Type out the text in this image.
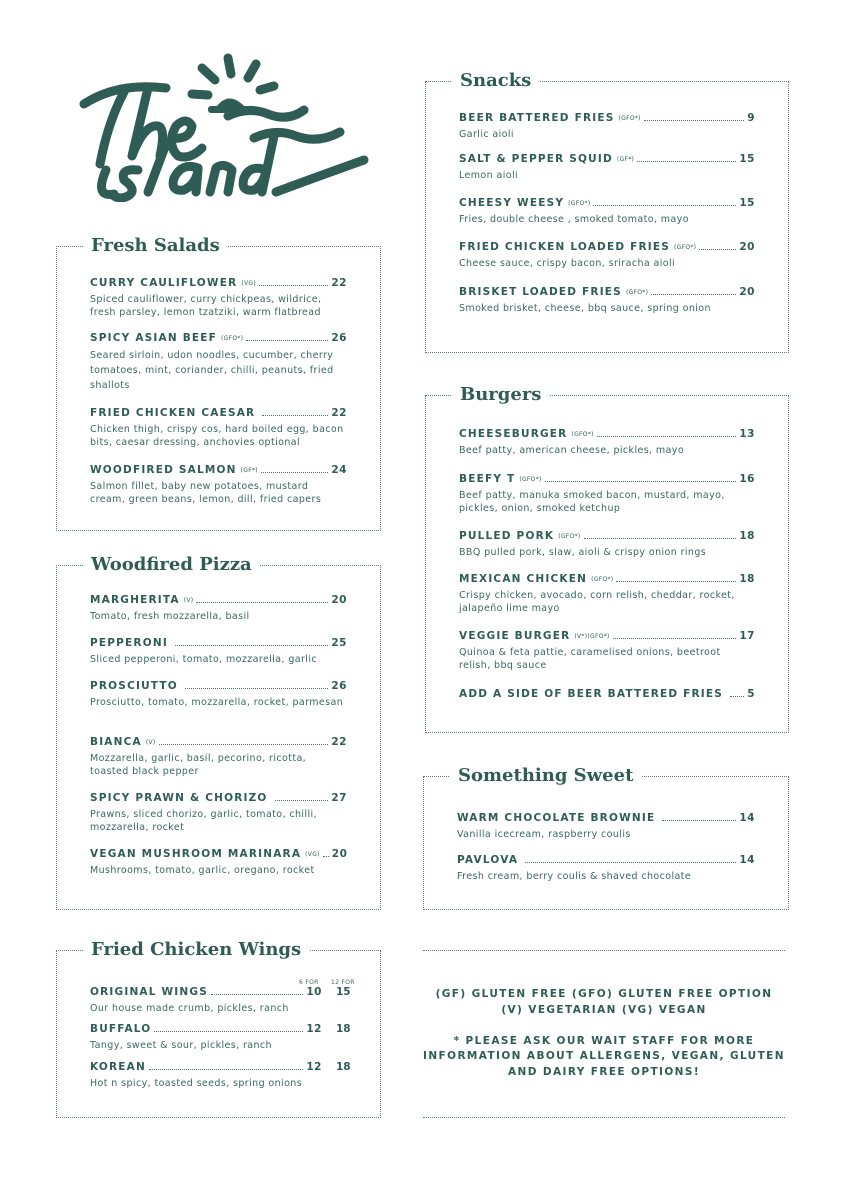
Fresh Salads
CURRY CAULIFLOWER (VG)	22
Spiced cauliflower, curry chickpeas, wildrice, fresh parsley, lemon tzatziki, warm flatbread
SPICY ASIAN BEEF (GFO*)	26
Seared sirloin, udon noodles, cucumber, cherry tomatoes, mint, coriander, chilli, peanuts, fried shallots
FRIED CHICKEN CAESAR	22
Chicken thigh, crispy cos, hard boiled egg, bacon bits, caesar dressing, anchovies optional
WOODFIRED SALMON (GF*)	24
Salmon fillet, baby new potatoes, mustard cream, green beans, lemon, dill, fried capers
Woodfired Pizza
MARGHERITA (V)	20
Tomato, fresh mozzarella, basil
PEPPERONI	25
Sliced pepperoni, tomato, mozzarella, garlic
PROSCIUTTO	26
Prosciutto, tomato, mozzarella, rocket, parmesan
BIANCA (V)	22
Mozzarella, garlic, basil, pecorino, ricotta, toasted black pepper
SPICY PRAWN & CHORIZO	27
Prawns, sliced chorizo, garlic, tomato, chilli, mozzarella, rocket
VEGAN MUSHROOM MARINARA (VG) 20
Mushrooms, tomato, garlic, oregano, rocket
Fried Chicken Wings
6 FOR 12 FOR
ORIGINAL WINGS	10 15
Our house made crumb, pickles, ranch
BUFFALO	12 18
Tangy, sweet & sour, pickles, ranch
KOREAN	12 18
Hot n spicy, toasted seeds, spring onions
Snacks
BEER BATTERED FRIES (GFO*)	9
Garlic aioli
SALT & PEPPER SQUID (GF*)	15
Lemon aioli
CHEESY WEESY (GFO*)	15
Fries, double cheese , smoked tomato, mayo
FRIED CHICKEN LOADED FRIES (GFO*)	20
Cheese sauce, crispy bacon, sriracha aioli
BRISKET LOADED FRIES (GFO*)	20
Smoked brisket, cheese, bbq sauce, spring onion
Burgers
CHEESEBURGER (GFO*)	13
Beef patty, american cheese, pickles, mayo
BEEFY T (GFO*)	16
Beef patty, manuka smoked bacon, mustard, mayo, pickles, onion, smoked ketchup
PULLED PORK (GFO*)	18
BBQ pulled pork, slaw, aioli & crispy onion rings
MEXICAN CHICKEN (GFO*)	18
Crispy chicken, avocado, corn relish, cheddar, rocket, jalapeño lime mayo
VEGGIE BURGER (V*)(GFO*)	17
Quinoa & feta pattie, caramelised onions, beetroot relish, bbq sauce
ADD A SIDE OF BEER BATTERED FRIES 5
Something Sweet
WARM CHOCOLATE BROWNIE	14
Vanilla icecream, raspberry coulis
PAVLOVA	14
Fresh cream, berry coulis & shaved chocolate
(GF) GLUTEN FREE (GFO) GLUTEN FREE OPTION
(V) VEGETARIAN (VG) VEGAN
* PLEASE ASK OUR WAIT STAFF FOR MORE
INFORMATION ABOUT ALLERGENS, VEGAN, GLUTEN
AND DAIRY FREE OPTIONS!
